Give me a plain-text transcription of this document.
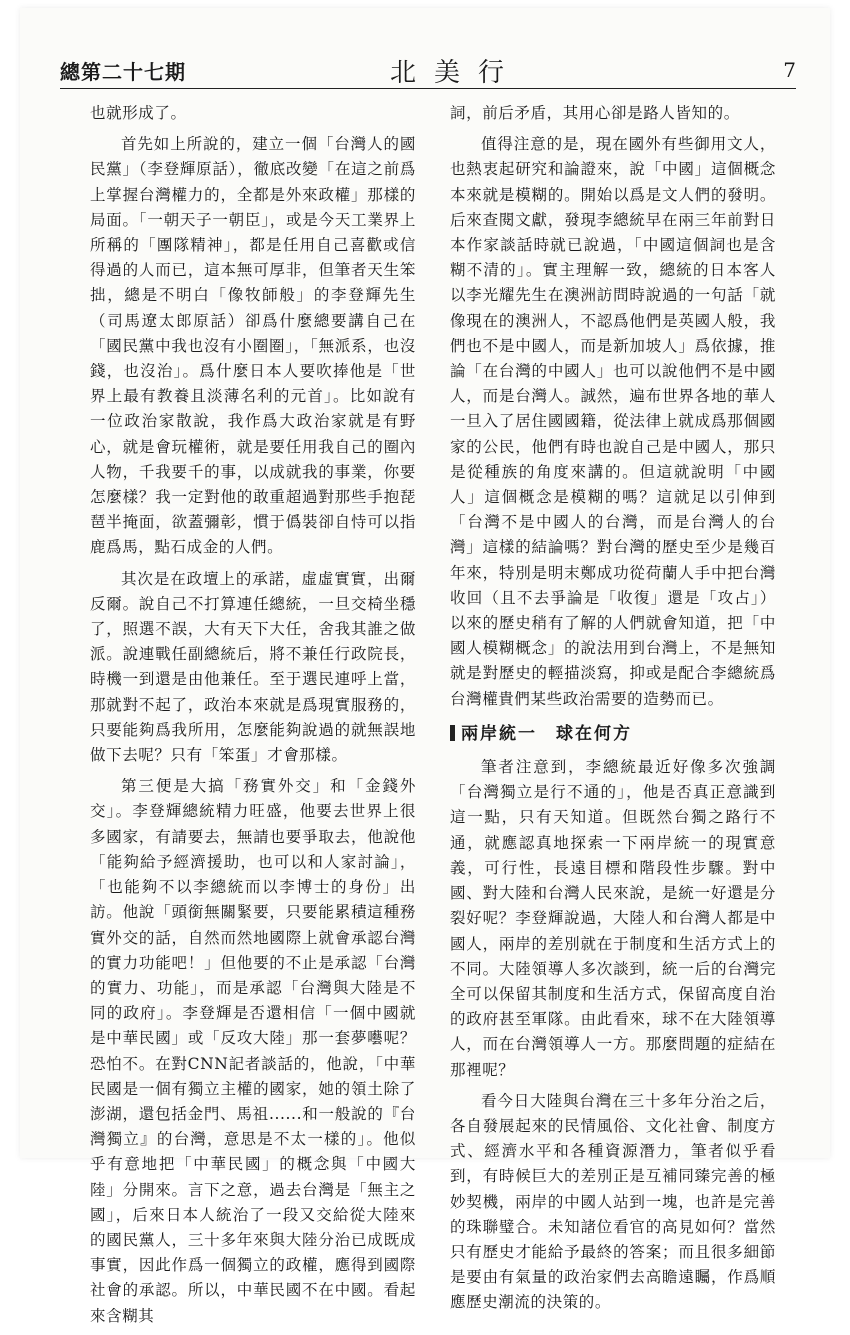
總第二十七期	北美行	7

也就形成了。

首先如上所說的，建立一個「台灣人的國民黨」（李登輝原話），徹底改變「在這之前爲上掌握台灣權力的，全都是外來政權」那樣的局面。「一朝天子一朝臣」，或是今天工業界上所稱的「團隊精神」，都是任用自己喜歡或信得過的人而已，這本無可厚非，但筆者天生笨拙，總是不明白「像牧師般」的李登輝先生（司馬遼太郎原話）卻爲什麼總要講自己在「國民黨中我也沒有小圈圈」，「無派系，也沒錢，也沒治」。爲什麼日本人要吹捧他是「世界上最有教養且淡薄名利的元首」。比如說有一位政治家散說，我作爲大政治家就是有野心，就是會玩權術，就是要任用我自己的圈內人物，千我要千的事，以成就我的事業，你要怎麼樣？我一定對他的敢重超過對那些手抱琵琶半掩面，欲蓋彌彰，慣于僞裝卻自恃可以指鹿爲馬，點石成金的人們。

其次是在政壇上的承諾，虛虛實實，出爾反爾。說自己不打算連任總統，一旦交椅坐穩了，照選不誤，大有天下大任，舍我其誰之做派。說連戰任副總統后，將不兼任行政院長，時機一到還是由他兼任。至于選民連呼上當，那就對不起了，政治本來就是爲現實服務的，只要能夠爲我所用，怎麼能夠說過的就無誤地做下去呢？只有「笨蛋」才會那樣。

第三便是大搞「務實外交」和「金錢外交」。李登輝總統精力旺盛，他要去世界上很多國家，有請要去，無請也要爭取去，他說他「能夠給予經濟援助，也可以和人家討論」，「也能夠不以李總統而以李博士的身份」出訪。他說「頭銜無關緊要，只要能累積這種務實外交的話，自然而然地國際上就會承認台灣的實力功能吧！」但他要的不止是承認「台灣的實力、功能」，而是承認「台灣與大陸是不同的政府」。李登輝是否還相信「一個中國就是中華民國」或「反攻大陸」那一套夢囈呢？恐怕不。在對CNN記者談話的，他說，「中華民國是一個有獨立主權的國家，她的領土除了澎湖，還包括金門、馬祖......和一般說的『台灣獨立』的台灣，意思是不太一樣的」。他似乎有意地把「中華民國」的概念與「中國大陸」分開來。言下之意，過去台灣是「無主之國」，后來日本人統治了一段又交給從大陸來的國民黨人，三十多年來與大陸分治已成既成事實，因此作爲一個獨立的政權，應得到國際社會的承認。所以，中華民國不在中國。看起來含糊其

詞，前后矛盾，其用心卻是路人皆知的。

值得注意的是，現在國外有些御用文人，也熱衷起研究和論證來，說「中國」這個概念本來就是模糊的。開始以爲是文人們的發明。后來查閱文獻，發現李總統早在兩三年前對日本作家談話時就已說過，「中國這個詞也是含糊不清的」。實主理解一致，總統的日本客人以李光耀先生在澳洲訪問時說過的一句話「就像現在的澳洲人，不認爲他們是英國人般，我們也不是中國人，而是新加坡人」爲依據，推論「在台灣的中國人」也可以說他們不是中國人，而是台灣人。誠然，遍布世界各地的華人一旦入了居住國國籍，從法律上就成爲那個國家的公民，他們有時也說自己是中國人，那只是從種族的角度來講的。但這就說明「中國人」這個概念是模糊的嗎？這就足以引伸到「台灣不是中國人的台灣，而是台灣人的台灣」這樣的結論嗎？對台灣的歷史至少是幾百年來，特別是明末鄭成功從荷蘭人手中把台灣收回（且不去爭論是「收復」還是「攻占」）以來的歷史稍有了解的人們就會知道，把「中國人模糊概念」的說法用到台灣上，不是無知就是對歷史的輕描淡寫，抑或是配合李總統爲台灣權貴們某些政治需要的造勢而已。

兩岸統一　球在何方

筆者注意到，李總統最近好像多次強調「台灣獨立是行不通的」，他是否真正意識到這一點，只有天知道。但既然台獨之路行不通，就應認真地探索一下兩岸統一的現實意義，可行性，長遠目標和階段性步驟。對中國、對大陸和台灣人民來說，是統一好還是分裂好呢？李登輝說過，大陸人和台灣人都是中國人，兩岸的差別就在于制度和生活方式上的不同。大陸領導人多次談到，統一后的台灣完全可以保留其制度和生活方式，保留高度自治的政府甚至軍隊。由此看來，球不在大陸領導人，而在台灣領導人一方。那麼問題的症結在那裡呢？

看今日大陸與台灣在三十多年分治之后，各自發展起來的民情風俗、文化社會、制度方式、經濟水平和各種資源潛力，筆者似乎看到，有時候巨大的差別正是互補同臻完善的極妙契機，兩岸的中國人站到一塊，也許是完善的珠聯璧合。未知諸位看官的高見如何？當然只有歷史才能給予最終的答案；而且很多細節是要由有氣量的政治家們去高瞻遠矚，作爲順應歷史潮流的決策的。
